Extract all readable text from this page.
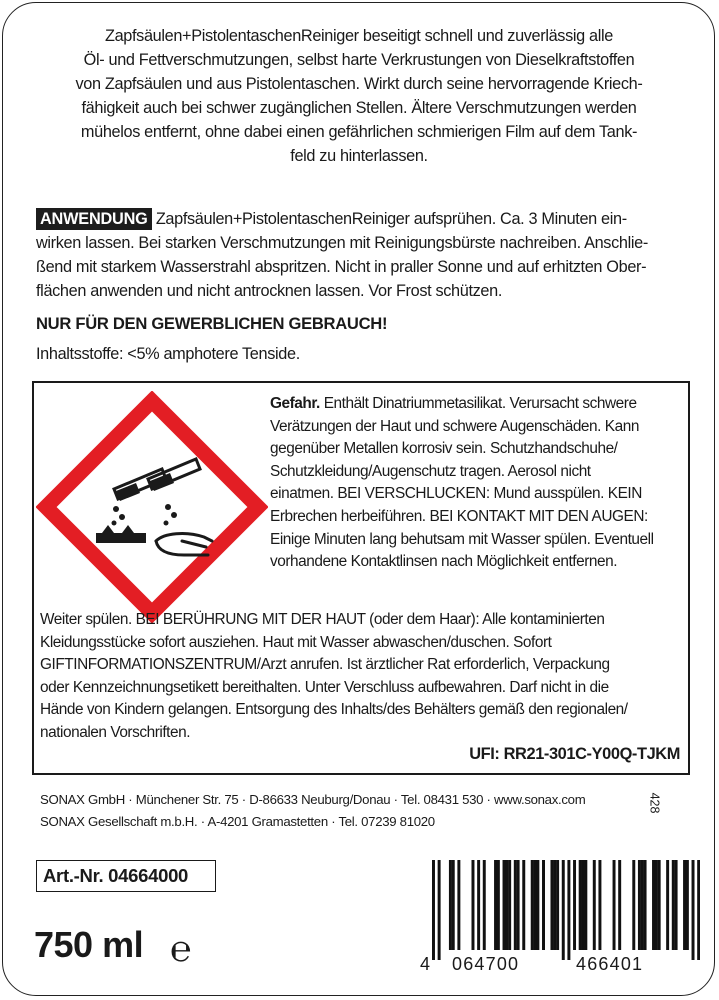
Zapfsäulen+PistolentaschenReiniger beseitigt schnell und zuverlässig alle
Öl- und Fettverschmutzungen, selbst harte Verkrustungen von Dieselkraftstoffen
von Zapfsäulen und aus Pistolentaschen. Wirkt durch seine hervorragende Kriech-
fähigkeit auch bei schwer zugänglichen Stellen. Ältere Verschmutzungen werden
mühelos entfernt, ohne dabei einen gefährlichen schmierigen Film auf dem Tank-
feld zu hinterlassen.
ANWENDUNG Zapfsäulen+PistolentaschenReiniger aufsprühen. Ca. 3 Minuten ein-
wirken lassen. Bei starken Verschmutzungen mit Reinigungsbürste nachreiben. Anschlie-
ßend mit starkem Wasserstrahl abspritzen. Nicht in praller Sonne und auf erhitzten Ober-
flächen anwenden und nicht antrocknen lassen. Vor Frost schützen.
NUR FÜR DEN GEWERBLICHEN GEBRAUCH!
Inhaltsstoffe: <5% amphotere Tenside.
Gefahr. Enthält Dinatriummetasilikat. Verursacht schwere
Verätzungen der Haut und schwere Augenschäden. Kann
gegenüber Metallen korrosiv sein. Schutzhandschuhe/
Schutzkleidung/Augenschutz tragen. Aerosol nicht
einatmen. BEI VERSCHLUCKEN: Mund ausspülen. KEIN
Erbrechen herbeiführen. BEI KONTAKT MIT DEN AUGEN:
Einige Minuten lang behutsam mit Wasser spülen. Eventuell
vorhandene Kontaktlinsen nach Möglichkeit entfernen.
Weiter spülen. BEI BERÜHRUNG MIT DER HAUT (oder dem Haar): Alle kontaminierten
Kleidungsstücke sofort ausziehen. Haut mit Wasser abwaschen/duschen. Sofort
GIFTINFORMATIONSZENTRUM/Arzt anrufen. Ist ärztlicher Rat erforderlich, Verpackung
oder Kennzeichnungsetikett bereithalten. Unter Verschluss aufbewahren. Darf nicht in die
Hände von Kindern gelangen. Entsorgung des Inhalts/des Behälters gemäß den regionalen/
nationalen Vorschriften.
UFI: RR21-301C-Y00Q-TJKM
SONAX GmbH · Münchener Str. 75 · D-86633 Neuburg/Donau · Tel. 08431 530 · www.sonax.com
SONAX Gesellschaft m.b.H. · A-4201 Gramastetten · Tel. 07239 81020
428
Art.-Nr. 04664000
750 ml ℮	4 064700	466401
